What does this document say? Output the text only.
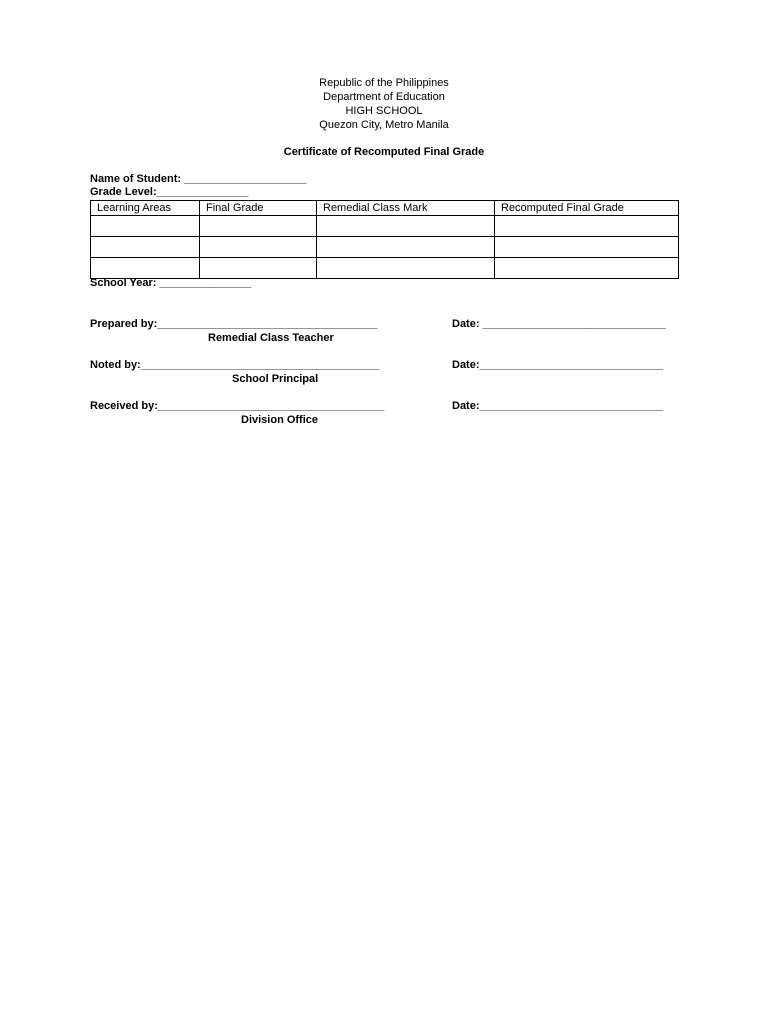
Republic of the Philippines
Department of Education
HIGH SCHOOL
Quezon City, Metro Manila
Certificate of Recomputed Final Grade
Name of Student: ____________________
Grade Level:_______________
Learning Areas	Final Grade	Remedial Class Mark	Recomputed Final Grade

School Year: _______________
Prepared by:____________________________________
Remedial Class Teacher
Date: ______________________________
Noted by:_______________________________________
School Principal
Date:______________________________
Received by:_____________________________________
Division Office
Date:______________________________
